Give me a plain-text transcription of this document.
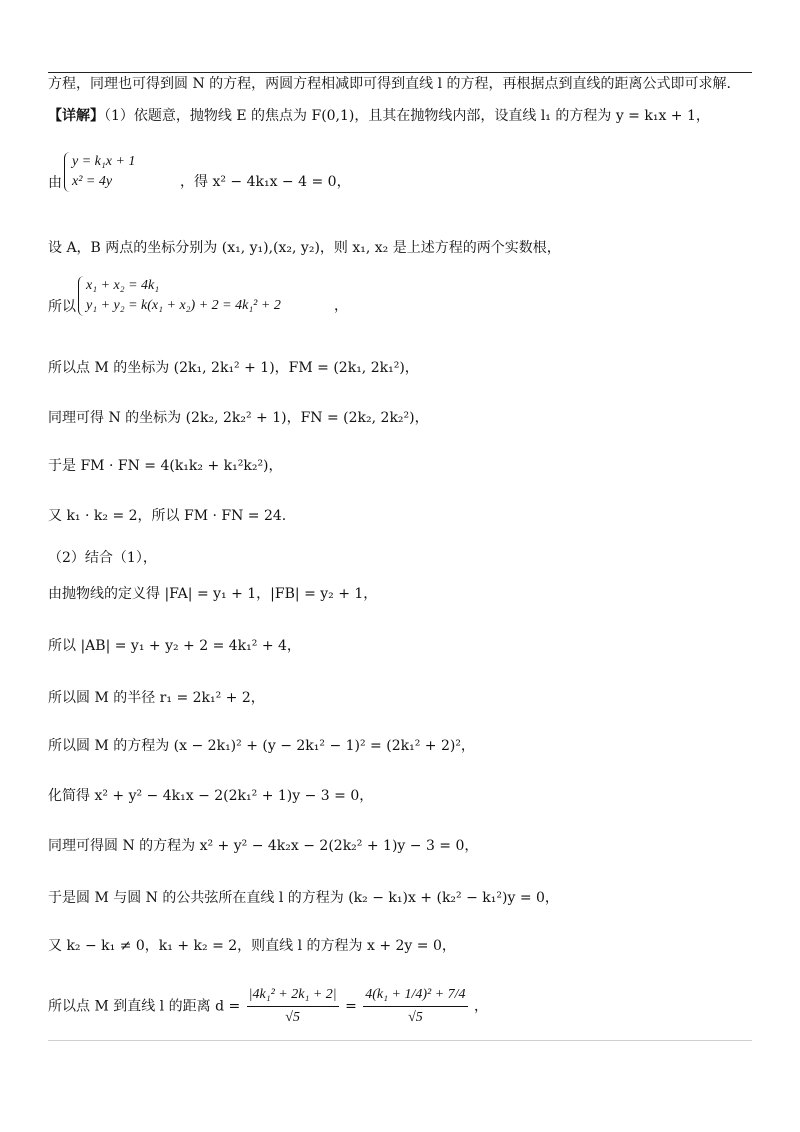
方程，同理也可得到圆 N 的方程，两圆方程相减即可得到直线 l 的方程，再根据点到直线的距离公式即可求解.
【详解】（1）依题意，抛物线 E 的焦点为 F(0,1)，且其在抛物线内部，设直线 l₁ 的方程为 y = k₁x + 1，
由
y = k₁x + 1
x² = 4y	，得 x² − 4k₁x − 4 = 0，
设 A，B 两点的坐标分别为 (x₁, y₁),(x₂, y₂)，则 x₁, x₂ 是上述方程的两个实数根，
所以
x₁ + x₂ = 4k₁
y₁ + y₂ = k(x₁ + x₂) + 2 = 4k₁² + 2	，
所以点 M 的坐标为 (2k₁, 2k₁² + 1)，FM = (2k₁, 2k₁²)，
同理可得 N 的坐标为 (2k₂, 2k₂² + 1)，FN = (2k₂, 2k₂²)，
于是 FM · FN = 4(k₁k₂ + k₁²k₂²)，
又 k₁ · k₂ = 2，所以 FM · FN = 24.
（2）结合（1），
由抛物线的定义得 |FA| = y₁ + 1，|FB| = y₂ + 1，
所以 |AB| = y₁ + y₂ + 2 = 4k₁² + 4，
所以圆 M 的半径 r₁ = 2k₁² + 2，
所以圆 M 的方程为 (x − 2k₁)² + (y − 2k₁² − 1)² = (2k₁² + 2)²，
化简得 x² + y² − 4k₁x − 2(2k₁² + 1)y − 3 = 0，
同理可得圆 N 的方程为 x² + y² − 4k₂x − 2(2k₂² + 1)y − 3 = 0，
于是圆 M 与圆 N 的公共弦所在直线 l 的方程为 (k₂ − k₁)x + (k₂² − k₁²)y = 0，
又 k₂ − k₁ ≠ 0，k₁ + k₂ = 2，则直线 l 的方程为 x + 2y = 0，
所以点 M 到直线 l 的距离 $d = \frac{\text{|4k₁² + 2k₁ + 2|}}{√5} = \frac{\text{4(k₁ + 1/4)² + 7/4}}{√5}$ ，
